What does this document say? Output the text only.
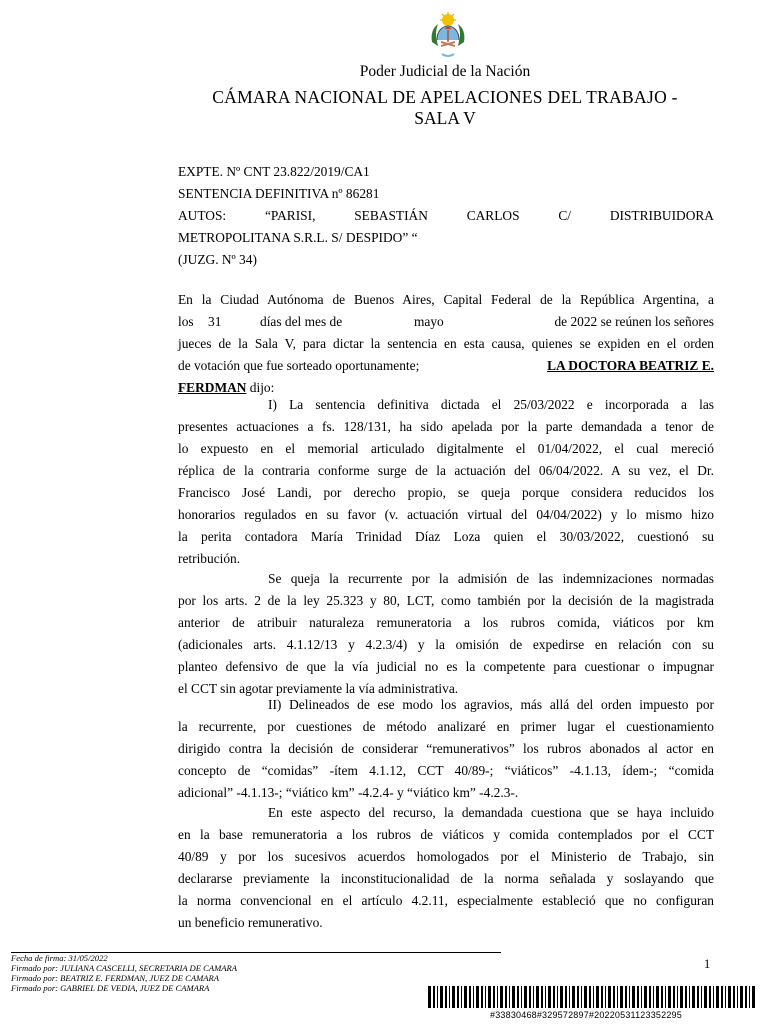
Poder Judicial de la Nación
CÁMARA NACIONAL DE APELACIONES DEL TRABAJO -
SALA V
EXPTE. Nº CNT 23.822/2019/CA1
SENTENCIA DEFINITIVA nº 86281
AUTOS:	“PARISI,	SEBASTIÁN	CARLOS	C/	DISTRIBUIDORA
METROPOLITANA S.R.L. S/ DESPIDO” “
(JUZG. Nº 34)
En la Ciudad Autónoma de Buenos Aires, Capital Federal de la República Argentina, a
los 31	días del mes de	mayo	de 2022 se reúnen los señores
jueces de la Sala V, para dictar la sentencia en esta causa, quienes se expiden en el orden
de votación que fue sorteado oportunamente;	LA DOCTORA BEATRIZ E.
FERDMAN dijo:
I) La sentencia definitiva dictada el 25/03/2022 e incorporada a las
presentes actuaciones a fs. 128/131, ha sido apelada por la parte demandada a tenor de
lo expuesto en el memorial articulado digitalmente el 01/04/2022, el cual mereció
réplica de la contraria conforme surge de la actuación del 06/04/2022. A su vez, el Dr.
Francisco José Landi, por derecho propio, se queja porque considera reducidos los
honorarios regulados en su favor (v. actuación virtual del 04/04/2022) y lo mismo hizo
la perita contadora María Trinidad Díaz Loza quien el 30/03/2022, cuestionó su
retribución.
Se queja la recurrente por la admisión de las indemnizaciones normadas
por los arts. 2 de la ley 25.323 y 80, LCT, como también por la decisión de la magistrada
anterior de atribuir naturaleza remuneratoria a los rubros comida, viáticos por km
(adicionales arts. 4.1.12/13 y 4.2.3/4) y la omisión de expedirse en relación con su
planteo defensivo de que la vía judicial no es la competente para cuestionar o impugnar
el CCT sin agotar previamente la vía administrativa.
II) Delineados de ese modo los agravios, más allá del orden impuesto por
la recurrente, por cuestiones de método analizaré en primer lugar el cuestionamiento
dirigido contra la decisión de considerar “remunerativos” los rubros abonados al actor en
concepto de “comidas” -ítem 4.1.12, CCT 40/89-; “viáticos” -4.1.13, ídem-; “comida
adicional” -4.1.13-; “viático km” -4.2.4- y “viático km” -4.2.3-.
En este aspecto del recurso, la demandada cuestiona que se haya incluido
en la base remuneratoria a los rubros de viáticos y comida contemplados por el CCT
40/89 y por los sucesivos acuerdos homologados por el Ministerio de Trabajo, sin
declararse previamente la inconstitucionalidad de la norma señalada y soslayando que
la norma convencional en el artículo 4.2.11, especialmente estableció que no configuran
un beneficio remunerativo.
Fecha de firma: 31/05/2022
Firmado por: JULIANA CASCELLI, SECRETARIA DE CAMARA
Firmado por: BEATRIZ E. FERDMAN, JUEZ DE CAMARA
Firmado por: GABRIEL DE VEDIA, JUEZ DE CAMARA
1
#33830468#329572897#20220531123352295
